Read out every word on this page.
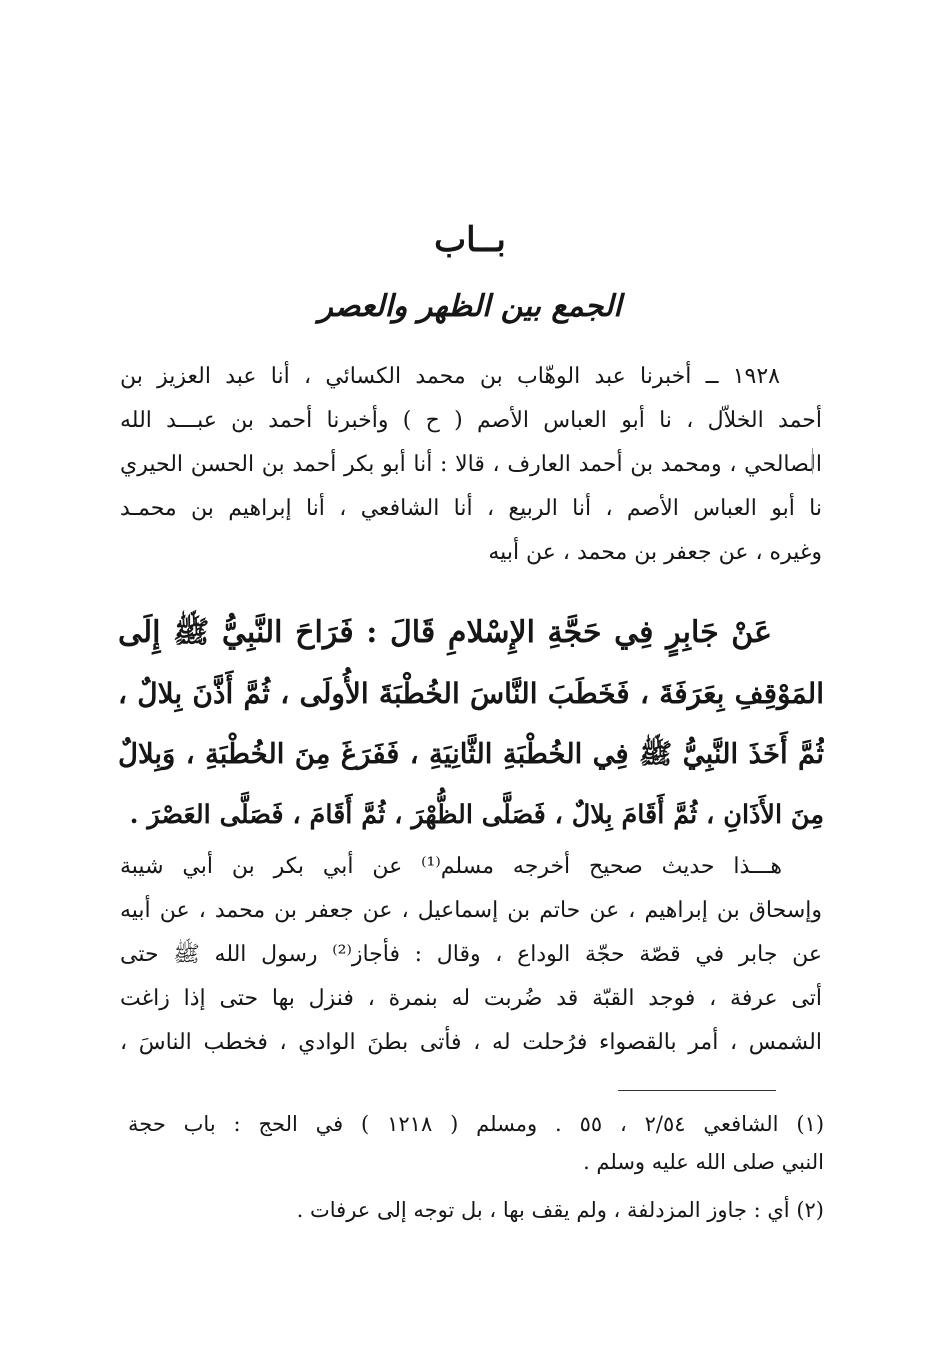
بــاب
الجمع بين الظهر والعصر
١٩٢٨ ــ أخبرنا عبد الوهّاب بن محمد الكسائي ، أنا عبد العزيز بن
أحمد الخلاّل ، نا أبو العباس الأصم ( ح ) وأخبرنا أحمد بن عبـــد الله
الصالحي ، ومحمد بن أحمد العارف ، قالا : أنا أبو بكر أحمد بن الحسن الحيري
نا أبو العباس الأصم ، أنا الربيع ، أنا الشافعي ، أنا إبراهيم بن محمـد
وغيره ، عن جعفر بن محمد ، عن أبيه
عَنْ جَابِرٍ فِي حَجَّةِ الإِسْلامِ قَالَ : فَرَاحَ النَّبِيُّ ﷺ إِلَى
المَوْقِفِ بِعَرَفَةَ ، فَخَطَبَ النَّاسَ الخُطْبَةَ الأُولَى ، ثُمَّ أَذَّنَ بِلالٌ ،
ثُمَّ أَخَذَ النَّبِيُّ ﷺ فِي الخُطْبَةِ الثَّانِيَةِ ، فَفَرَغَ مِنَ الخُطْبَةِ ، وَبِلالٌ
مِنَ الأَذَانِ ، ثُمَّ أَقَامَ بِلالٌ ، فَصَلَّى الظُّهْرَ ، ثُمَّ أَقَامَ ، فَصَلَّى العَصْرَ .
هـــذا حديث صحيح أخرجه مسلم⁽¹⁾ عن أبي بكر بن أبي شيبة
وإسحاق بن إبراهيم ، عن حاتم بن إسماعيل ، عن جعفر بن محمد ، عن أبيه
عن جابر في قصّة حجّة الوداع ، وقال : فأجاز⁽²⁾ رسول الله ﷺ حتى
أتى عرفة ، فوجد القبّة قد ضُربت له بنمرة ، فنزل بها حتى إذا زاغت
الشمس ، أمر بالقصواء فرُحلت له ، فأتى بطنَ الوادي ، فخطب الناسَ ،
(١) الشافعي ٢/٥٤ ، ٥٥ . ومسلم ( ١٢١٨ ) في الحج : باب حجة
النبي صلى الله عليه وسلم .
(٢) أي : جاوز المزدلفة ، ولم يقف بها ، بل توجه إلى عرفات .
